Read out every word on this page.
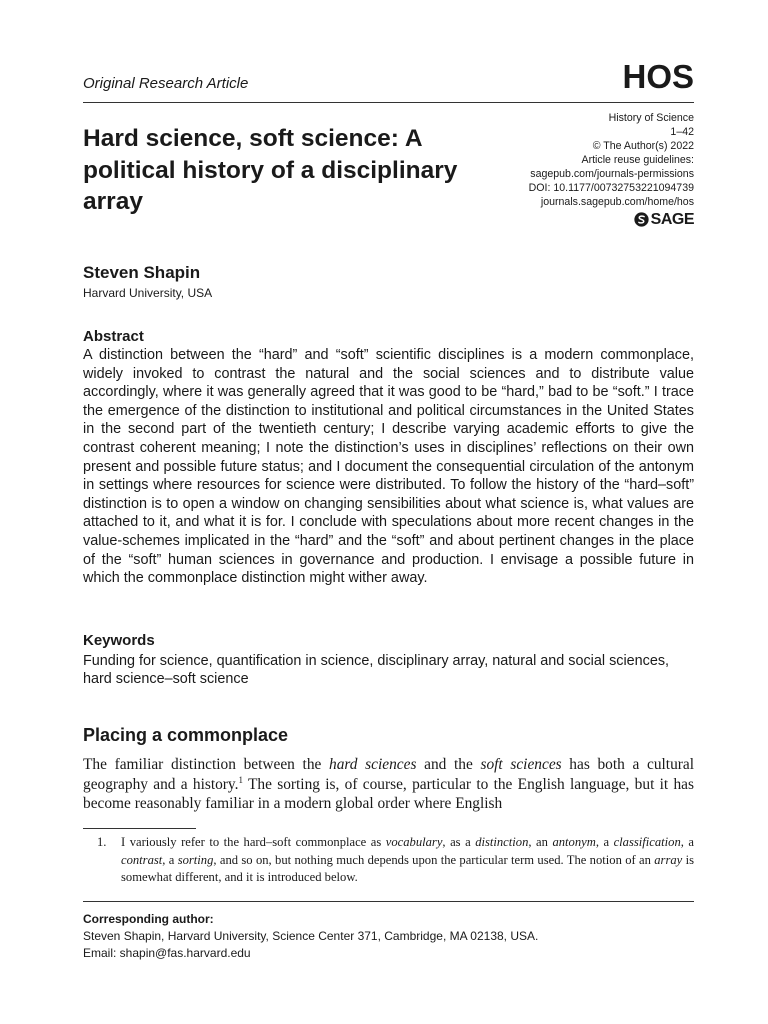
Original Research Article	HOS
Hard science, soft science: A political history of a disciplinary array
History of Science
1–42
© The Author(s) 2022
Article reuse guidelines:
sagepub.com/journals-permissions
DOI: 10.1177/00732753221094739
journals.sagepub.com/home/hos
SAGE
Steven Shapin
Harvard University, USA
Abstract

A distinction between the “hard” and “soft” scientific disciplines is a modern commonplace, widely invoked to contrast the natural and the social sciences and to distribute value accordingly, where it was generally agreed that it was good to be “hard,” bad to be “soft.” I trace the emergence of the distinction to institutional and political circumstances in the United States in the second part of the twentieth century; I describe varying academic efforts to give the contrast coherent meaning; I note the distinction’s uses in disciplines’ reflections on their own present and possible future status; and I document the consequential circulation of the antonym in settings where resources for science were distributed. To follow the history of the “hard–soft” distinction is to open a window on changing sensibilities about what science is, what values are attached to it, and what it is for. I conclude with speculations about more recent changes in the value-schemes implicated in the “hard” and the “soft” and about pertinent changes in the place of the “soft” human sciences in governance and production. I envisage a possible future in which the commonplace distinction might wither away.

Keywords

Funding for science, quantification in science, disciplinary array, natural and social sciences, hard science–soft science

Placing a commonplace

The familiar distinction between the hard sciences and the soft sciences has both a cultural geography and a history.$^1$ The sorting is, of course, particular to the English language, but it has become reasonably familiar in a modern global order where English

1. I variously refer to the hard–soft commonplace as vocabulary, as a distinction, an antonym, a classification, a contrast, a sorting, and so on, but nothing much depends upon the particular term used. The notion of an array is somewhat different, and it is introduced below.

Corresponding author:
Steven Shapin, Harvard University, Science Center 371, Cambridge, MA 02138, USA.
Email: shapin@fas.harvard.edu
